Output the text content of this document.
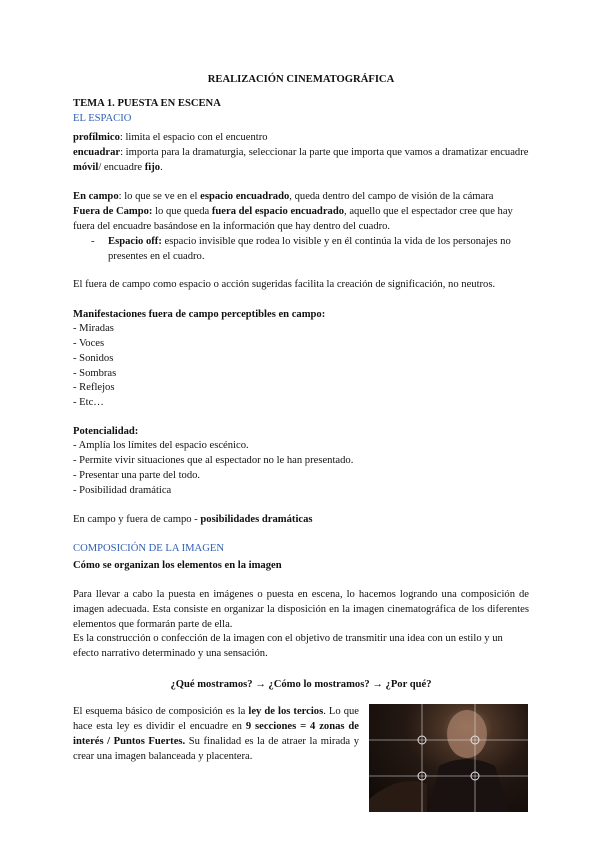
REALIZACIÓN CINEMATOGRÁFICA

TEMA 1. PUESTA EN ESCENA

EL ESPACIO

profílmico: limita el espacio con el encuentro

encuadrar: importa para la dramaturgia, seleccionar la parte que importa que vamos a dramatizar encuadre móvil/ encuadre fijo.

En campo: lo que se ve en el espacio encuadrado, queda dentro del campo de visión de la cámara

Fuera de Campo: lo que queda fuera del espacio encuadrado, aquello que el espectador cree que hay fuera del encuadre basándose en la información que hay dentro del cuadro.

-	Espacio off: espacio invisible que rodea lo visible y en él continúa la vida de los personajes no presentes en el cuadro.

El fuera de campo como espacio o acción sugeridas facilita la creación de significación, no neutros.

Manifestaciones fuera de campo perceptibles en campo:

- Miradas

- Voces

- Sonidos

- Sombras

- Reflejos

- Etc…

Potencialidad:

- Amplía los límites del espacio escénico.

- Permite vivir situaciones que al espectador no le han presentado.

- Presentar una parte del todo.

- Posibilidad dramática

En campo y fuera de campo - posibilidades dramáticas

COMPOSICIÓN DE LA IMAGEN

Cómo se organizan los elementos en la imagen

Para llevar a cabo la puesta en imágenes o puesta en escena, lo hacemos logrando una composición de imagen adecuada. Esta consiste en organizar la disposición en la imagen cinematográfica de los diferentes elementos que formarán parte de ella.

Es la construcción o confección de la imagen con el objetivo de transmitir una idea con un estilo y un efecto narrativo determinado y una sensación.

¿Qué mostramos? → ¿Cómo lo mostramos? → ¿Por qué?

El esquema básico de composición es la ley de los tercios. Lo que hace esta ley es dividir el encuadre en 9 secciones = 4 zonas de interés / Puntos Fuertes. Su finalidad es la de atraer la mirada y crear una imagen balanceada y placentera.
